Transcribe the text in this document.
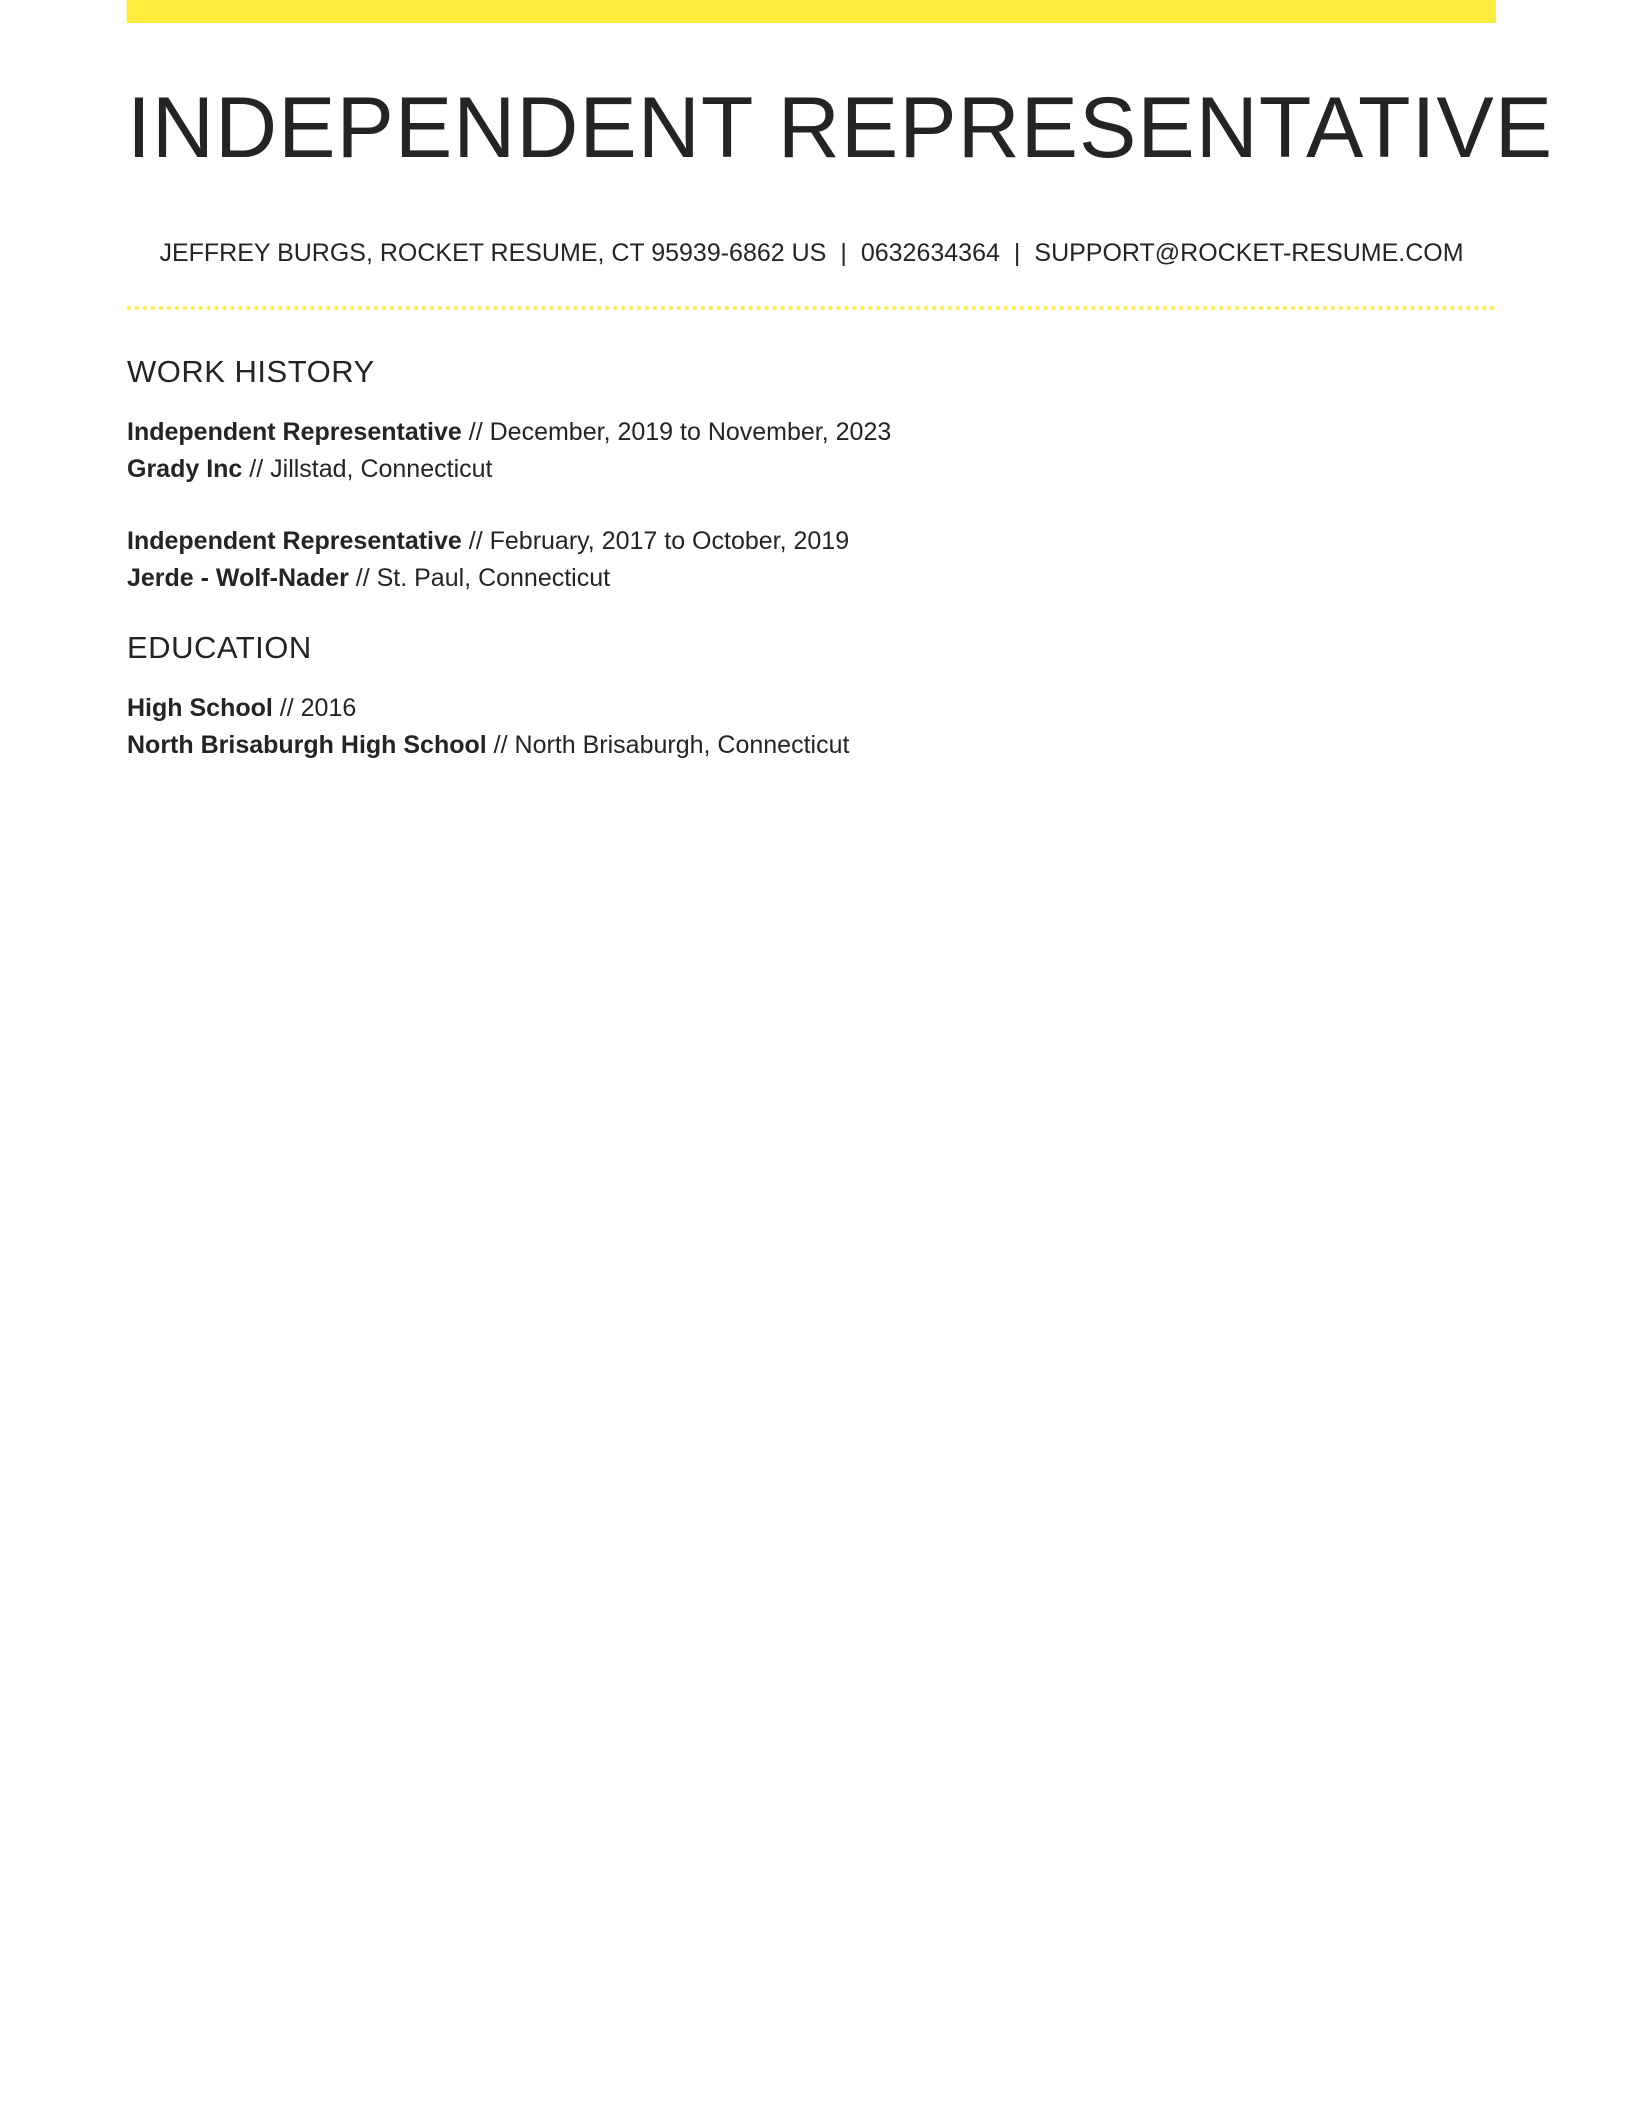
INDEPENDENT REPRESENTATIVE
JEFFREY BURGS, ROCKET RESUME, CT 95939-6862 US | 0632634364 | SUPPORT@ROCKET-RESUME.COM
WORK HISTORY
Independent Representative // December, 2019 to November, 2023
Grady Inc // Jillstad, Connecticut
Independent Representative // February, 2017 to October, 2019
Jerde - Wolf-Nader // St. Paul, Connecticut
EDUCATION
High School // 2016
North Brisaburgh High School // North Brisaburgh, Connecticut
